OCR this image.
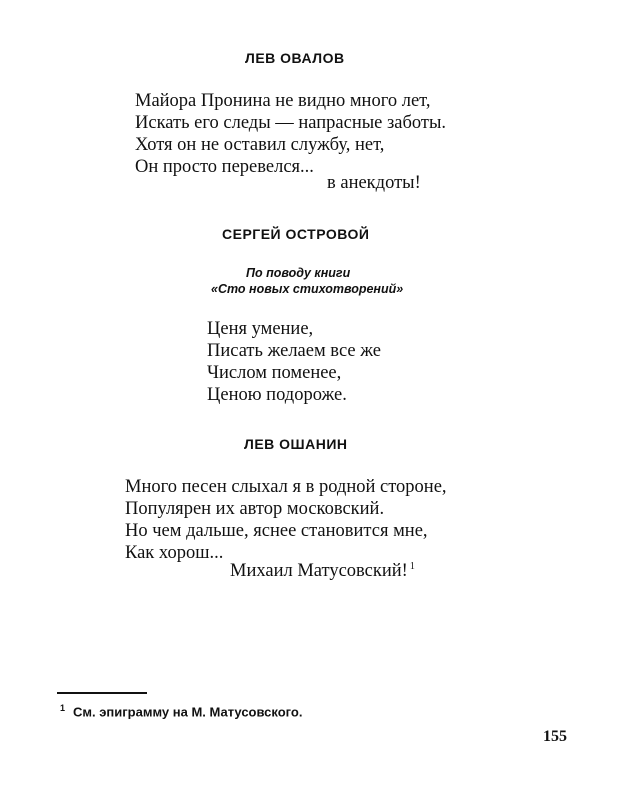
ЛЕВ ОВАЛОВ
Майора Пронина не видно много лет,
Искать его следы — напрасные заботы.
Хотя он не оставил службу, нет,
Он просто перевелся...
в анекдоты!
СЕРГЕЙ ОСТРОВОЙ
По поводу книги
«Сто новых стихотворений»
Ценя умение,
Писать желаем все же
Числом поменее,
Ценою подороже.
ЛЕВ ОШАНИН
Много песен слыхал я в родной стороне,
Популярен их автор московский.
Но чем дальше, яснее становится мне,
Как хорош...
Михаил Матусовский! $^1$
$^1$ См. эпиграмму на М. Матусовского.
155
